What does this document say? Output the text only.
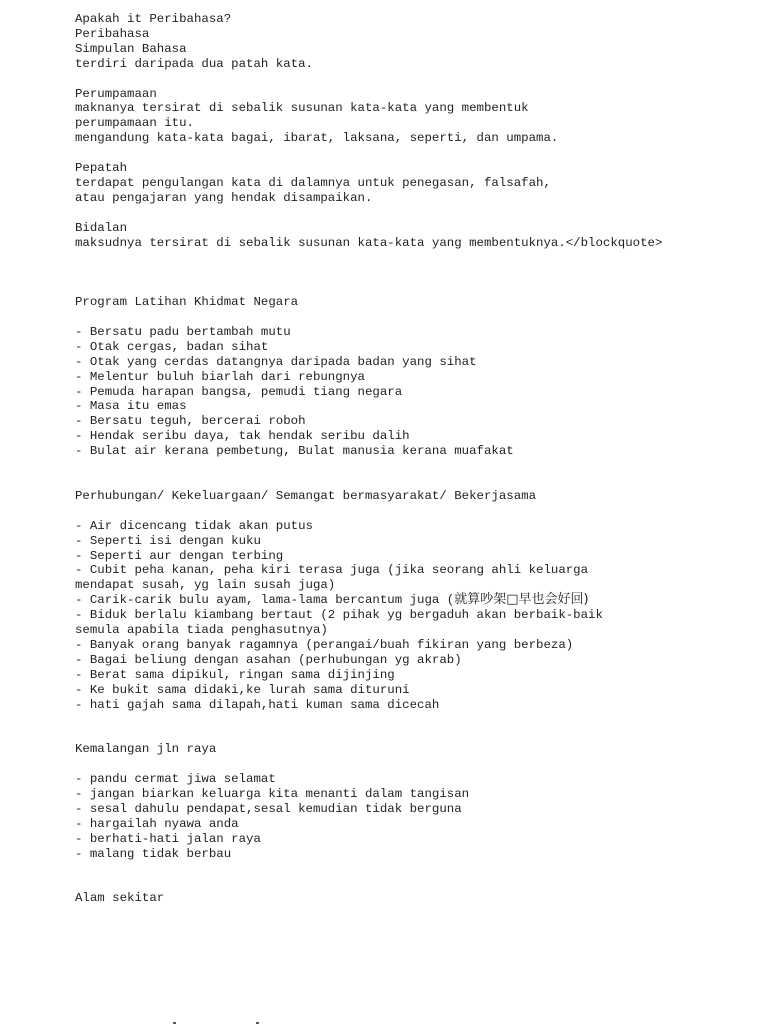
Apakah it Peribahasa?
Peribahasa
Simpulan Bahasa
terdiri daripada dua patah kata.
Perumpamaan
maknanya tersirat di sebalik susunan kata-kata yang membentuk
perumpamaan itu.
mengandung kata-kata bagai, ibarat, laksana, seperti, dan umpama.
Pepatah
terdapat pengulangan kata di dalamnya untuk penegasan, falsafah,
atau pengajaran yang hendak disampaikan.
Bidalan
maksudnya tersirat di sebalik susunan kata-kata yang membentuknya.</blockquote>
Program Latihan Khidmat Negara
- Bersatu padu bertambah mutu
- Otak cergas, badan sihat
- Otak yang cerdas datangnya daripada badan yang sihat
- Melentur buluh biarlah dari rebungnya
- Pemuda harapan bangsa, pemudi tiang negara
- Masa itu emas
- Bersatu teguh, bercerai roboh
- Hendak seribu daya, tak hendak seribu dalih
- Bulat air kerana pembetung, Bulat manusia kerana muafakat
Perhubungan/ Kekeluargaan/ Semangat bermasyarakat/ Bekerjasama
- Air dicencang tidak akan putus
- Seperti isi dengan kuku
- Seperti aur dengan terbing
- Cubit peha kanan, peha kiri terasa juga (jika seorang ahli keluarga
mendapat susah, yg lain susah juga)
- Carik-carik bulu ayam, lama-lama bercantum juga (就算吵架□早也会好回)
- Biduk berlalu kiambang bertaut (2 pihak yg bergaduh akan berbaik-baik
semula apabila tiada penghasutnya)
- Banyak orang banyak ragamnya (perangai/buah fikiran yang berbeza)
- Bagai beliung dengan asahan (perhubungan yg akrab)
- Berat sama dipikul, ringan sama dijinjing
- Ke bukit sama didaki,ke lurah sama dituruni
- hati gajah sama dilapah,hati kuman sama dicecah
Kemalangan jln raya
- pandu cermat jiwa selamat
- jangan biarkan keluarga kita menanti dalam tangisan
- sesal dahulu pendapat,sesal kemudian tidak berguna
- hargailah nyawa anda
- berhati-hati jalan raya
- malang tidak berbau
Alam sekitar
